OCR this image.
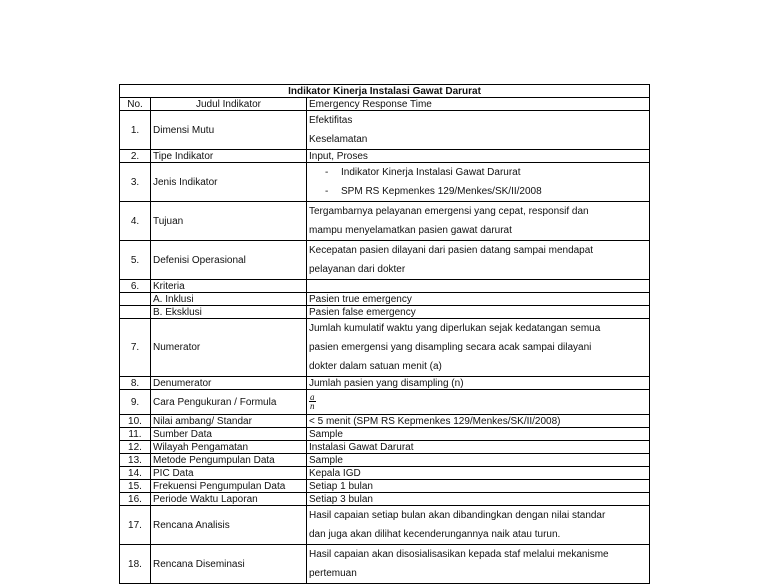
Indikator Kinerja Instalasi Gawat Darurat		
No.	Judul Indikator	Emergency Response Time
1.	Dimensi Mutu	Efektifitas
Keselamatan

2.	Tipe Indikator	Input, Proses
3.	Jenis Indikator	- Indikator Kinerja Instalasi Gawat Darurat
- SPM RS Kepmenkes 129/Menkes/SK/II/2008

4.	Tujuan	Tergambarnya pelayanan emergensi yang cepat, responsif dan
mampu menyelamatkan pasien gawat darurat

5.	Defenisi Operasional	Kecepatan pasien dilayani dari pasien datang sampai mendapat
pelayanan dari dokter

6.	Kriteria	
	A. Inklusi	Pasien true emergency
	B. Eksklusi	Pasien false emergency
7.	Numerator	Jumlah kumulatif waktu yang diperlukan sejak kedatangan semua
pasien emergensi yang disampling secara acak sampai dilayani
dokter dalam satuan menit (a)

8.	Denumerator	Jumlah pasien yang disampling (n)
9.	Cara Pengukuran / Formula	$\frac{a}{n}$

10.	Nilai ambang/ Standar	< 5 menit (SPM RS Kepmenkes 129/Menkes/SK/II/2008)
11.	Sumber Data	Sample
12.	Wilayah Pengamatan	Instalasi Gawat Darurat
13.	Metode Pengumpulan Data	Sample
14.	PIC Data	Kepala IGD
15.	Frekuensi Pengumpulan Data	Setiap 1 bulan
16.	Periode Waktu Laporan	Setiap 3 bulan
17.	Rencana Analisis	Hasil capaian setiap bulan akan dibandingkan dengan nilai standar
dan juga akan dilihat kecenderungannya naik atau turun.

18.	Rencana Diseminasi	Hasil capaian akan disosialisasikan kepada staf melalui mekanisme
pertemuan
